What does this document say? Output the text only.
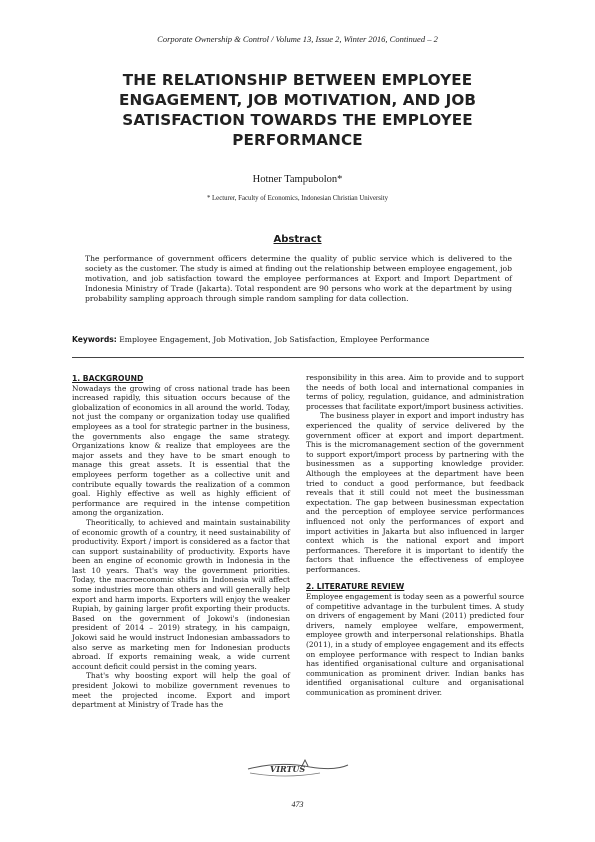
Corporate Ownership & Control / Volume 13, Issue 2, Winter 2016, Continued – 2
THE RELATIONSHIP BETWEEN EMPLOYEE ENGAGEMENT, JOB MOTIVATION, AND JOB SATISFACTION TOWARDS THE EMPLOYEE PERFORMANCE
Hotner Tampubolon*
* Lecturer, Faculty of Economics, Indonesian Christian University
Abstract
The performance of government officers determine the quality of public service which is delivered to the society as the customer. The study is aimed at finding out the relationship between employee engagement, job motivation, and job satisfaction toward the employee performances at Export and Import Department of Indonesia Ministry of Trade (Jakarta). Total respondent are 90 persons who work at the department by using probability sampling approach through simple random sampling for data collection.
Keywords: Employee Engagement, Job Motivation, Job Satisfaction, Employee Performance

1. BACKGROUND

Nowadays the growing of cross national trade has been increased rapidly, this situation occurs because of the globalization of economics in all around the world. Today, not just the company or organization today use qualified employees as a tool for strategic partner in the business, the governments also engage the same strategy. Organizations know & realize that employees are the major assets and they have to be smart enough to manage this great assets. It is essential that the employees perform together as a collective unit and contribute equally towards the realization of a common goal. Highly effective as well as highly efficient of performance are required in the intense competition among the organization.

Theoritically, to achieved and maintain sustainability of economic growth of a country, it need sustainability of productivity. Export / import is considered as a factor that can support sustainability of productivity. Exports have been an engine of economic growth in Indonesia in the last 10 years. That's way the government priorities. Today, the macroeconomic shifts in Indonesia will affect some industries more than others and will generally help export and harm imports. Exporters will enjoy the weaker Rupiah, by gaining larger profit exporting their products. Based on the government of Jokowi's (indonesian president of 2014 – 2019) strategy, in his campaign, Jokowi said he would instruct Indonesian ambassadors to also serve as marketing men for Indonesian products abroad. If exports remaining weak, a wide current account deficit could persist in the coming years.

That's why boosting export will help the goal of president Jokowi to mobilize government revenues to meet the projected income. Export and import department at Ministry of Trade has the

responsibility in this area. Aim to provide and to support the needs of both local and international companies in terms of policy, regulation, guidance, and administration processes that facilitate export/import business activities.

The business player in export and import industry has experienced the quality of service delivered by the government officer at export and import department. This is the micromanagement section of the government to support export/import process by partnering with the businessmen as a supporting knowledge provider. Although the employees at the department have been tried to conduct a good performance, but feedback reveals that it still could not meet the businessman expectation. The gap between businessman expectation and the perception of employee service performances influenced not only the performances of export and import activities in Jakarta but also influenced in larger context which is the national export and import performances. Therefore it is important to identify the factors that influence the effectiveness of employee performances.

2. LITERATURE REVIEW

Employee engagement is today seen as a powerful source of competitive advantage in the turbulent times. A study on drivers of engagement by Mani (2011) predicted four drivers, namely employee welfare, empowerment, employee growth and interpersonal relationships. Bhatla (2011), in a study of employee engagement and its effects on employee performance with respect to Indian banks has identified organisational culture and organisational communication as prominent driver. Indian banks has identified organisational culture and organisational communication as prominent driver.

VIRTUS
473
